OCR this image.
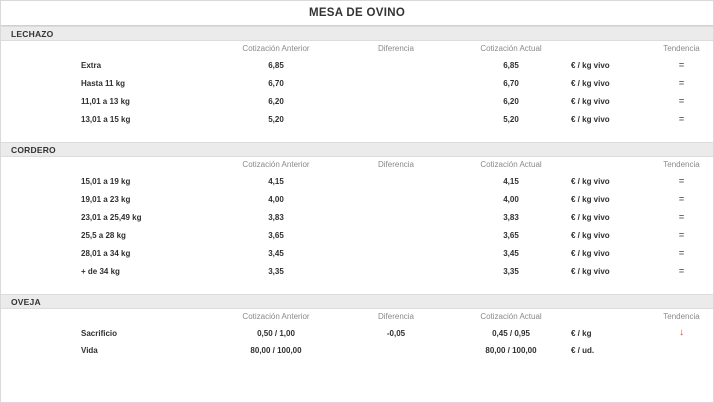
MESA DE OVINO
LECHAZO
	Cotización Anterior	Diferencia	Cotización Actual		Tendencia
Extra	6,85		6,85	€ / kg vivo	=
Hasta 11 kg	6,70		6,70	€ / kg vivo	=
11,01 a 13 kg	6,20		6,20	€ / kg vivo	=
13,01 a 15 kg	5,20		5,20	€ / kg vivo	=

CORDERO
	Cotización Anterior	Diferencia	Cotización Actual		Tendencia
15,01 a 19 kg	4,15		4,15	€ / kg vivo	=
19,01 a 23 kg	4,00		4,00	€ / kg vivo	=
23,01 a 25,49 kg	3,83		3,83	€ / kg vivo	=
25,5 a 28 kg	3,65		3,65	€ / kg vivo	=
28,01 a 34 kg	3,45		3,45	€ / kg vivo	=
+ de 34 kg	3,35		3,35	€ / kg vivo	=

OVEJA
	Cotización Anterior	Diferencia	Cotización Actual		Tendencia
Sacrificio	0,50 / 1,00	-0,05	0,45 / 0,95	€ / kg	↓
Vida	80,00 / 100,00		80,00 / 100,00	€ / ud.	
